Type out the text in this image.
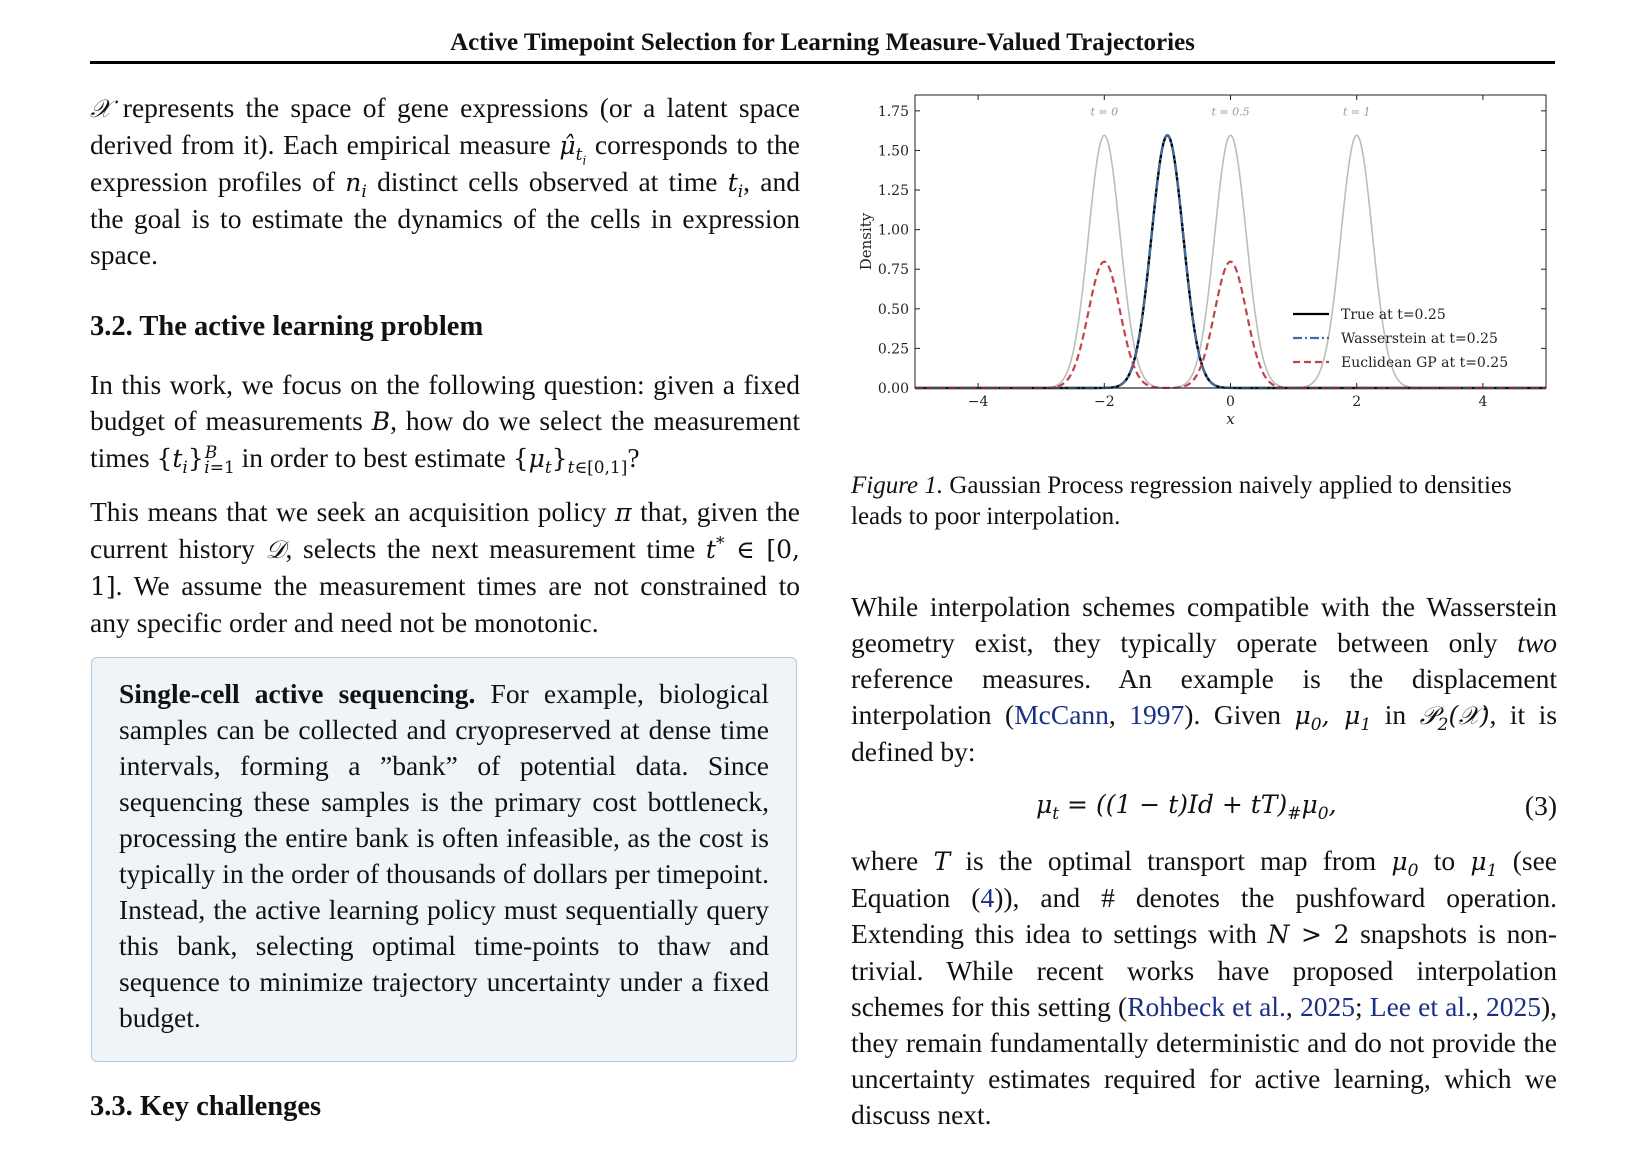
Active Timepoint Selection for Learning Measure-Valued Trajectories

𝒳 represents the space of gene expressions (or a latent space derived from it). Each empirical measure $\mû_{t_i}$ corresponds to the expression profiles of $n_i$ distinct cells observed at time $t_i$, and the goal is to estimate the dynamics of the cells in expression space.

3.2. The active learning problem

In this work, we focus on the following question: given a fixed budget of measurements B, how do we select the measurement times $\{t_i\}^B_{i=1}$ in order to best estimate $\{\mu_t\}_{t\in[0,1]}$?

This means that we seek an acquisition policy π that, given the current history 𝒟, selects the next measurement time t* ∈ [0, 1]. We assume the measurement times are not constrained to any specific order and need not be monotonic.

Single-cell active sequencing. For example, biological samples can be collected and cryopreserved at dense time intervals, forming a ”bank” of potential data. Since sequencing these samples is the primary cost bottleneck, processing the entire bank is often infeasible, as the cost is typically in the order of thousands of dollars per timepoint. Instead, the active learning policy must sequentially query this bank, selecting optimal time-points to thaw and sequence to minimize trajectory uncertainty under a fixed budget.
3.3. Key challenges
−4	−2	0	2	4
0.00
0.25
0.50
0.75
1.00
1.25
1.50
1.75
x
Density
t = 0	t = 0.5	t = 1
True at t=0.25
Wasserstein at t=0.25
Euclidean GP at t=0.25
Figure 1. Gaussian Process regression naively applied to densities leads to poor interpolation.

While interpolation schemes compatible with the Wasserstein geometry exist, they typically operate between only two reference measures. An example is the displacement interpolation (McCann, 1997). Given $\mu_0$, $\mu_1$ in 𝒫$_2$(𝒳), it is defined by:

$\mu_t = ((1 - t)Id + tT)_{\#}\mu_0$,	(3)

where T is the optimal transport map from $\mu_0$ to $\mu_1$ (see Equation (4)), and # denotes the pushfoward operation. Extending this idea to settings with N > 2 snapshots is non-trivial. While recent works have proposed interpolation schemes for this setting (Rohbeck et al., 2025; Lee et al., 2025), they remain fundamentally deterministic and do not provide the uncertainty estimates required for active learning, which we discuss next.
